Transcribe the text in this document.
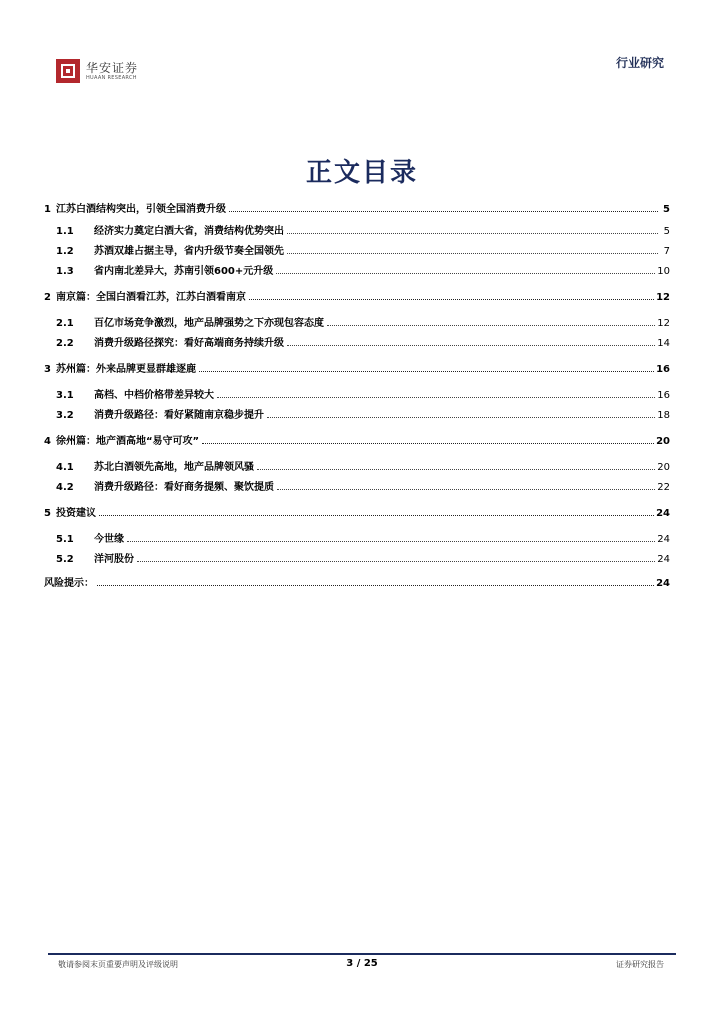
华安证券
HUAAN RESEARCH
行业研究
正文目录
1 江苏白酒结构突出，引领全国消费升级	5
1.1	经济实力奠定白酒大省，消费结构优势突出	5
1.2	苏酒双雄占据主导，省内升级节奏全国领先	7
1.3	省内南北差异大，苏南引领600+元升级	10
2 南京篇：全国白酒看江苏，江苏白酒看南京	12
2.1	百亿市场竞争激烈，地产品牌强势之下亦现包容态度	12
2.2	消费升级路径探究：看好高端商务持续升级	14
3 苏州篇：外来品牌更显群雄逐鹿	16
3.1	高档、中档价格带差异较大	16
3.2	消费升级路径：看好紧随南京稳步提升	18
4 徐州篇：地产酒高地“易守可攻”	20
4.1	苏北白酒领先高地，地产品牌领风骚	20
4.2	消费升级路径：看好商务提频、聚饮提质	22
5 投资建议	24
5.1	今世缘	24
5.2	洋河股份	24
风险提示：	24
敬请参阅末页重要声明及评级说明	3 / 25	证券研究报告
